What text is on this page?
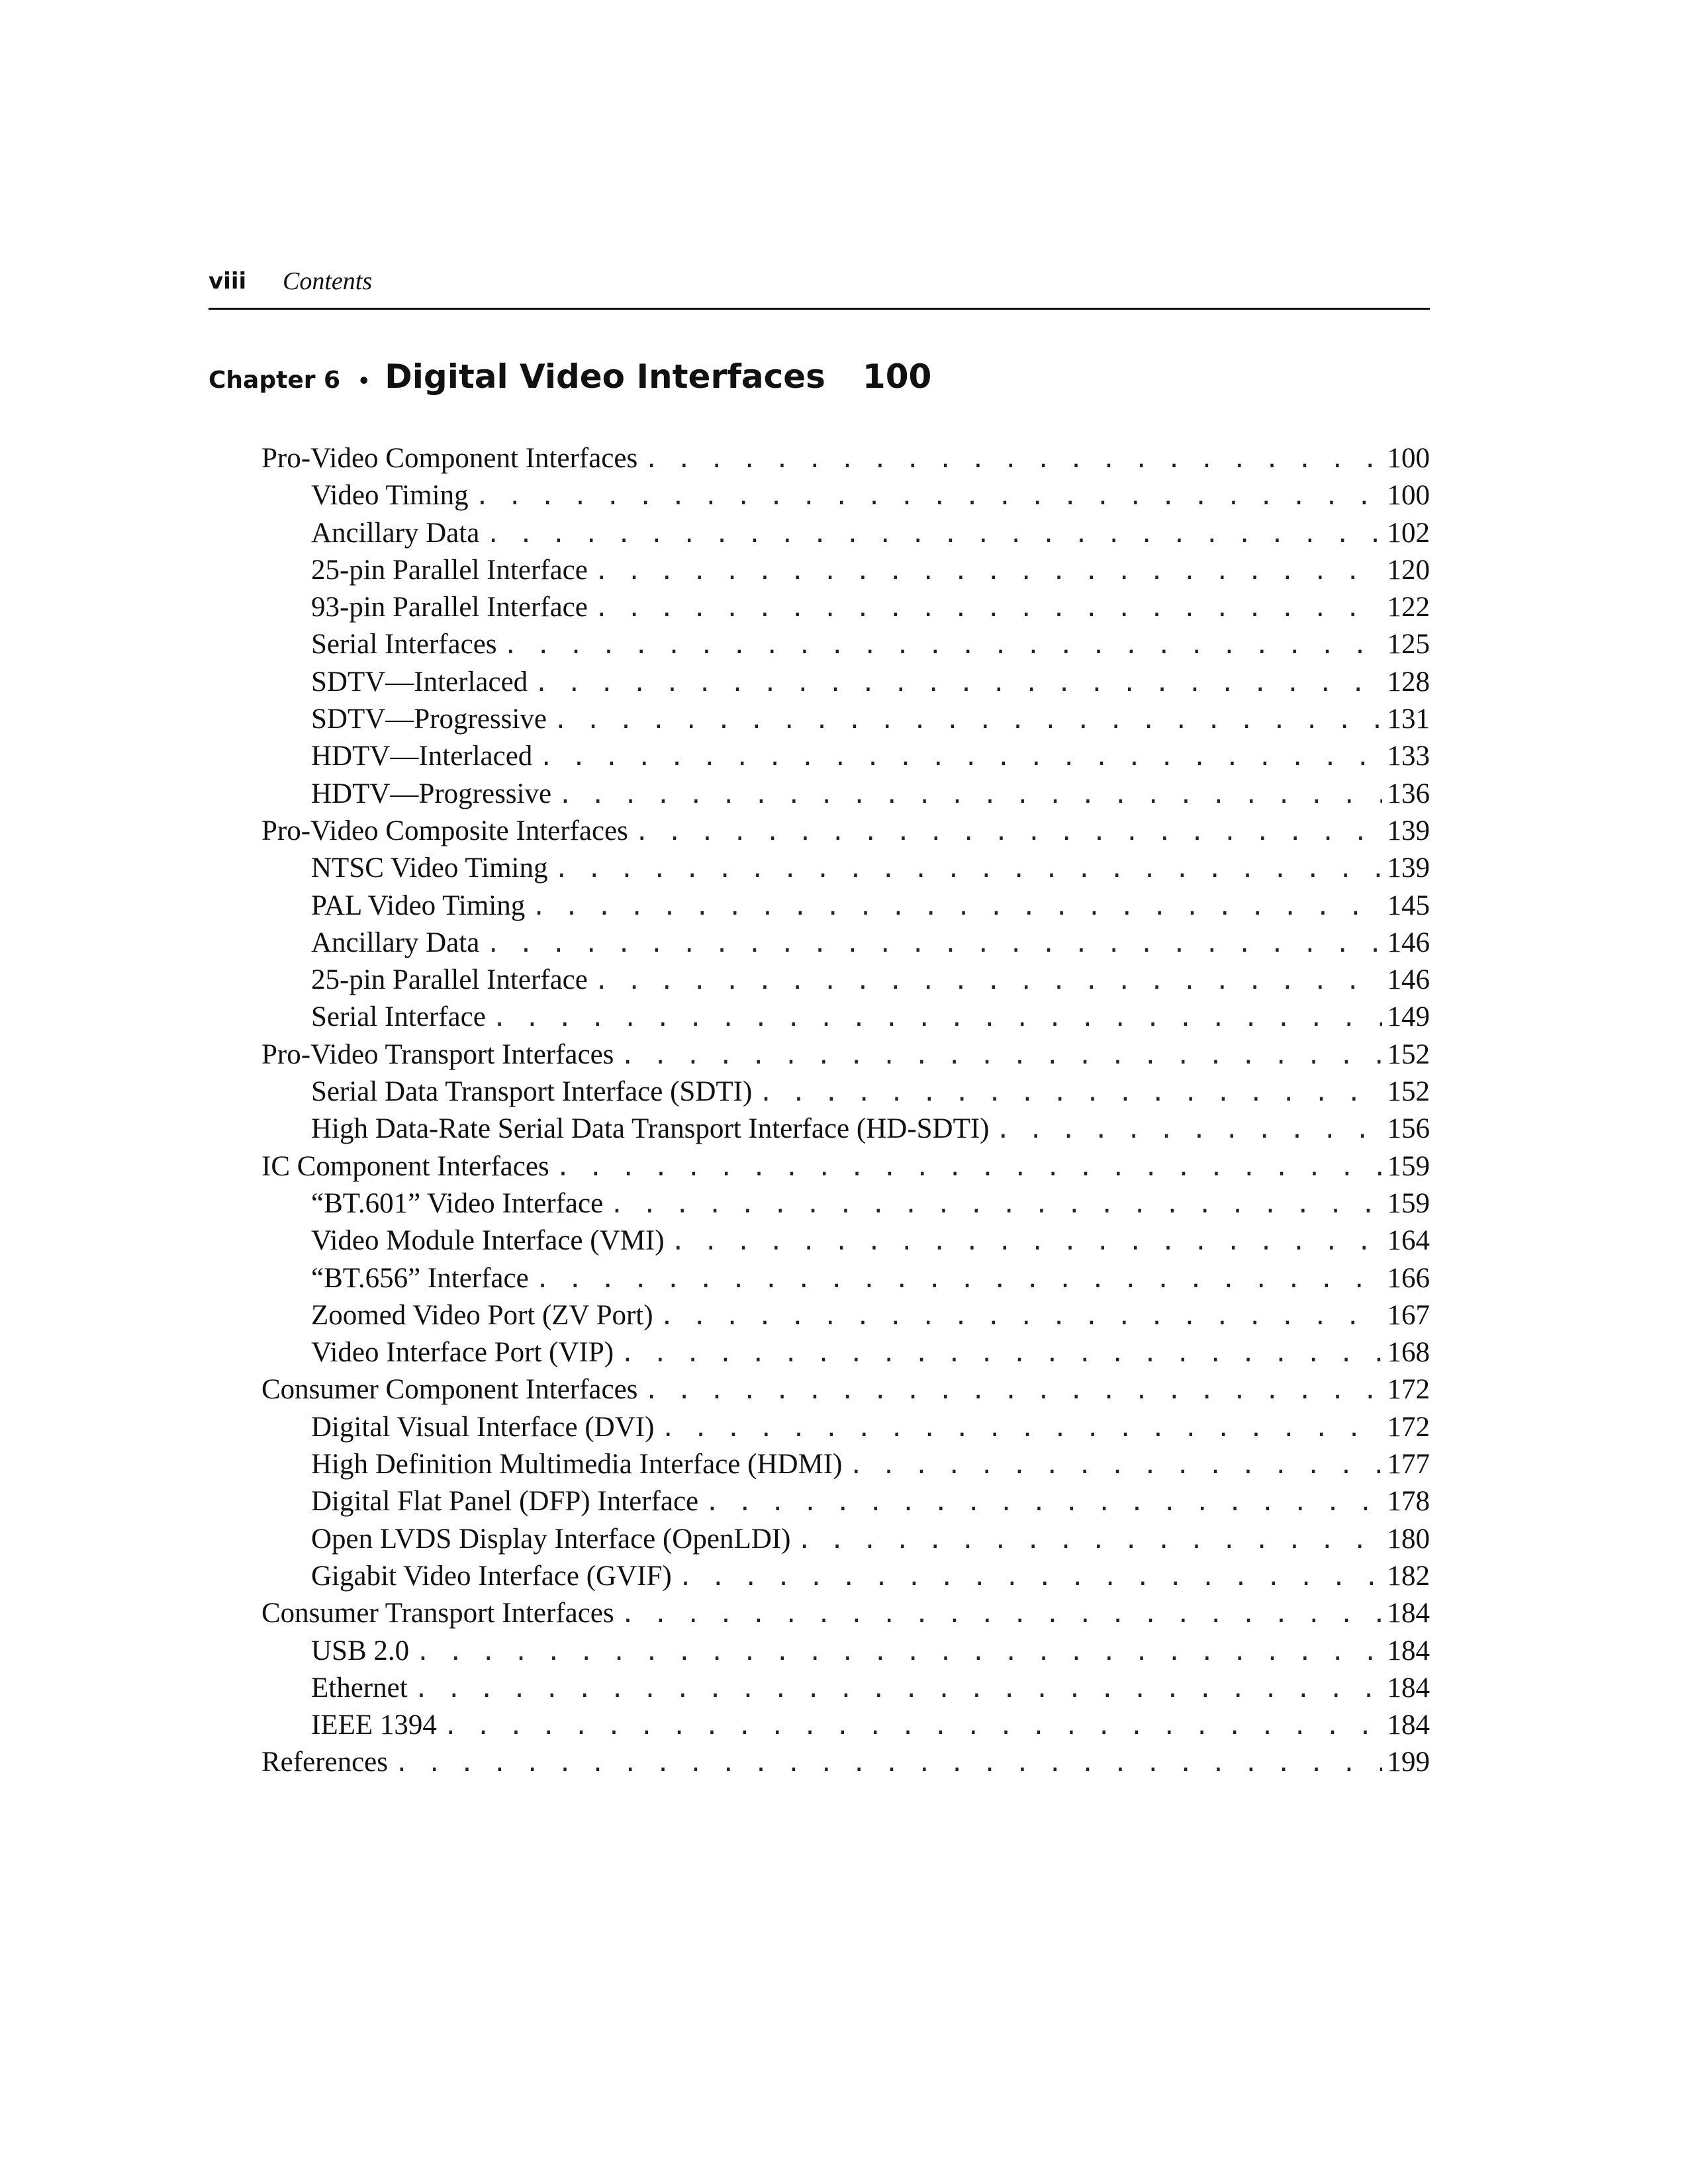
viii Contents
Chapter 6 • Digital Video Interfaces 100
Pro-Video Component Interfaces . . .	100
Video Timing . . .	100
Ancillary Data . . .	102
25-pin Parallel Interface . . .	120
93-pin Parallel Interface . . .	122
Serial Interfaces . . .	125
SDTV—Interlaced . . .	128
SDTV—Progressive . . .	131
HDTV—Interlaced . . .	133
HDTV—Progressive . . .	136
Pro-Video Composite Interfaces . . .	139
NTSC Video Timing . . .	139
PAL Video Timing . . .	145
Ancillary Data . . .	146
25-pin Parallel Interface . . .	146
Serial Interface . . .	149
Pro-Video Transport Interfaces . . .	152
Serial Data Transport Interface (SDTI) . . .	152
High Data-Rate Serial Data Transport Interface (HD-SDTI) . . .	156
IC Component Interfaces . . .	159
“BT.601” Video Interface . . .	159
Video Module Interface (VMI) . . .	164
“BT.656” Interface . . .	166
Zoomed Video Port (ZV Port) . . .	167
Video Interface Port (VIP) . . .	168
Consumer Component Interfaces . . .	172
Digital Visual Interface (DVI) . . .	172
High Definition Multimedia Interface (HDMI) . . .	177
Digital Flat Panel (DFP) Interface . . .	178
Open LVDS Display Interface (OpenLDI) . . .	180
Gigabit Video Interface (GVIF) . . .	182
Consumer Transport Interfaces . . .	184
USB 2.0 . . .	184
Ethernet . . .	184
IEEE 1394 . . .	184
References . . .	199
